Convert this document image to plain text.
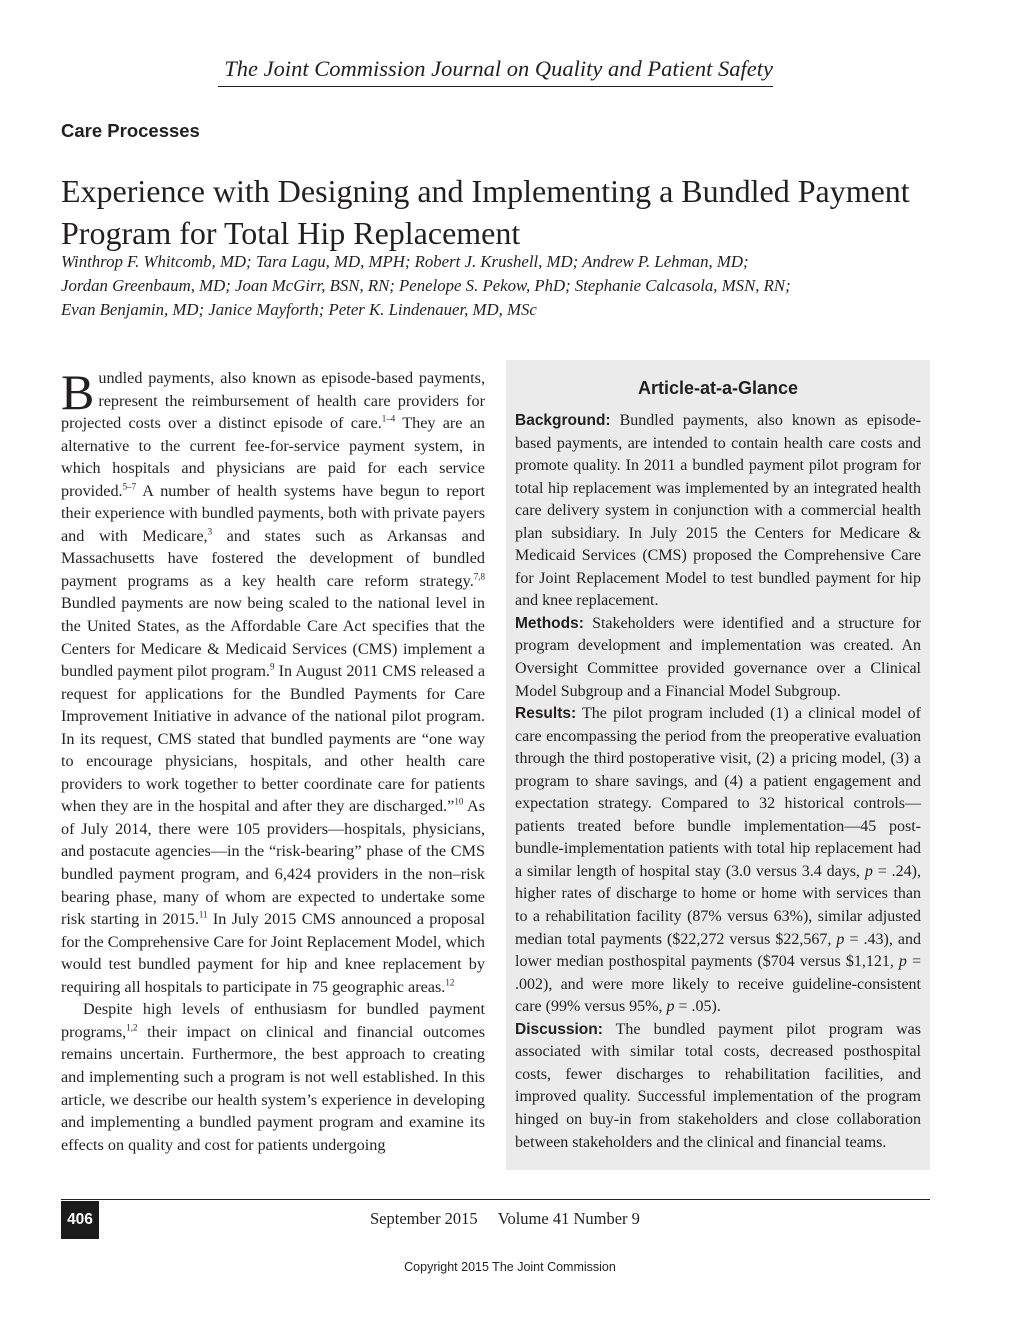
The Joint Commission Journal on Quality and Patient Safety
Care Processes
Experience with Designing and Implementing a Bundled Payment Program for Total Hip Replacement
Winthrop F. Whitcomb, MD; Tara Lagu, MD, MPH; Robert J. Krushell, MD; Andrew P. Lehman, MD;
Jordan Greenbaum, MD; Joan McGirr, BSN, RN; Penelope S. Pekow, PhD; Stephanie Calcasola, MSN, RN;
Evan Benjamin, MD; Janice Mayforth; Peter K. Lindenauer, MD, MSc

Bundled payments, also known as episode-based payments, represent the reimbursement of health care providers for projected costs over a distinct episode of care.$^{1-4}$ They are an alternative to the current fee-for-service payment system, in which hospitals and physicians are paid for each service provided.$^{5-7}$ A number of health systems have begun to report their experience with bundled payments, both with private payers and with Medicare,$^3$ and states such as Arkansas and Massachusetts have fostered the development of bundled payment programs as a key health care reform strategy.$^{7,8}$ Bundled payments are now being scaled to the national level in the United States, as the Affordable Care Act specifies that the Centers for Medicare & Medicaid Services (CMS) implement a bundled payment pilot program.$^9$ In August 2011 CMS released a request for applications for the Bundled Payments for Care Improvement Initiative in advance of the national pilot program. In its request, CMS stated that bundled payments are “one way to encourage physicians, hospitals, and other health care providers to work together to better coordinate care for patients when they are in the hospital and after they are discharged.”$^{10}$ As of July 2014, there were 105 providers—hospitals, physicians, and postacute agencies—in the “risk-bearing” phase of the CMS bundled payment program, and 6,424 providers in the non–risk bearing phase, many of whom are expected to undertake some risk starting in 2015.11 In July 2015 CMS announced a proposal for the Comprehensive Care for Joint Replacement Model, which would test bundled payment for hip and knee replacement by requiring all hospitals to participate in 75 geographic areas.$^{12}$

Despite high levels of enthusiasm for bundled payment programs,$^{1,2}$ their impact on clinical and financial outcomes remains uncertain. Furthermore, the best approach to creating and implementing such a program is not well established. In this article, we describe our health system’s experience in developing and implementing a bundled payment program and examine its effects on quality and cost for patients undergoing

Article-at-a-Glance

Background: Bundled payments, also known as episode-based payments, are intended to contain health care costs and promote quality. In 2011 a bundled payment pilot program for total hip replacement was implemented by an integrated health care delivery system in conjunction with a commercial health plan subsidiary. In July 2015 the Centers for Medicare & Medicaid Services (CMS) proposed the Comprehensive Care for Joint Replacement Model to test bundled payment for hip and knee replacement.

Methods: Stakeholders were identified and a structure for program development and implementation was created. An Oversight Committee provided governance over a Clinical Model Subgroup and a Financial Model Subgroup.

Results: The pilot program included (1) a clinical model of care encompassing the period from the preoperative evaluation through the third postoperative visit, (2) a pricing model, (3) a program to share savings, and (4) a patient engagement and expectation strategy. Compared to 32 historical controls—patients treated before bundle implementation—45 post-bundle-implementation patients with total hip replacement had a similar length of hospital stay (3.0 versus 3.4 days, p = .24), higher rates of discharge to home or home with services than to a rehabilitation facility (87% versus 63%), similar adjusted median total payments ($22,272 versus $22,567, p = .43), and lower median posthospital payments ($704 versus $1,121, p = .002), and were more likely to receive guideline-consistent care (99% versus 95%, p = .05).

Discussion: The bundled payment pilot program was associated with similar total costs, decreased posthospital costs, fewer discharges to rehabilitation facilities, and improved quality. Successful implementation of the program hinged on buy-in from stakeholders and close collaboration between stakeholders and the clinical and financial teams.

406	September 2015 Volume 41 Number 9
Copyright 2015 The Joint Commission
